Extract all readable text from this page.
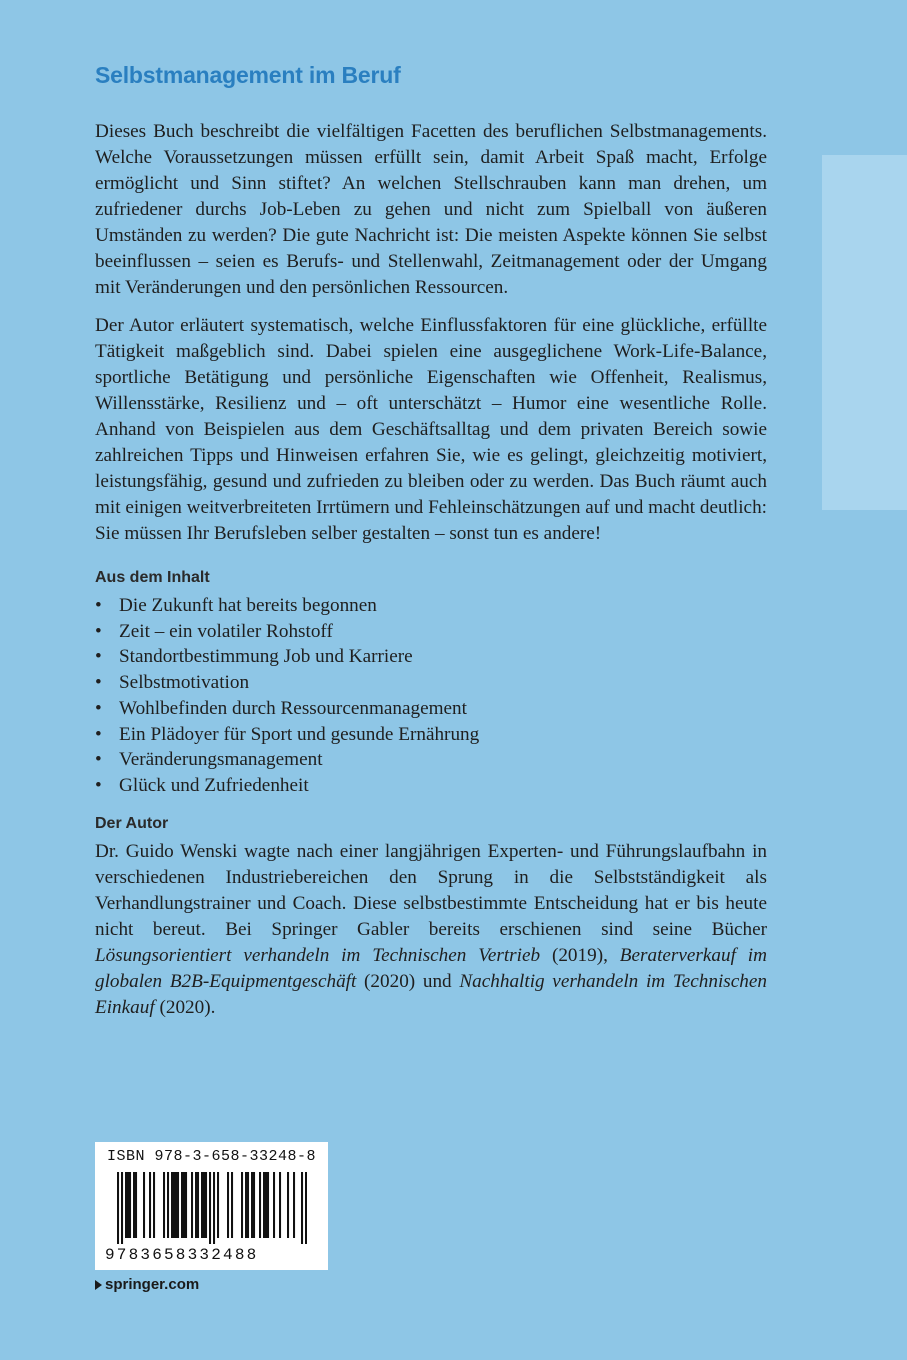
Selbstmanagement im Beruf

Dieses Buch beschreibt die vielfältigen Facetten des beruflichen Selbstmanagements. Welche Voraussetzungen müssen erfüllt sein, damit Arbeit Spaß macht, Erfolge ermöglicht und Sinn stiftet? An welchen Stellschrauben kann man drehen, um zufriedener durchs Job-Leben zu gehen und nicht zum Spielball von äußeren Umständen zu werden? Die gute Nachricht ist: Die meisten Aspekte können Sie selbst beeinflussen – seien es Berufs- und Stellenwahl, Zeitmanagement oder der Umgang mit Veränderungen und den persönlichen Ressourcen.

Der Autor erläutert systematisch, welche Einflussfaktoren für eine glückliche, erfüllte Tätigkeit maßgeblich sind. Dabei spielen eine ausgeglichene Work-Life-Balance, sportliche Betätigung und persönliche Eigenschaften wie Offenheit, Realismus, Willensstärke, Resilienz und – oft unterschätzt – Humor eine wesentliche Rolle. Anhand von Beispielen aus dem Geschäftsalltag und dem privaten Bereich sowie zahlreichen Tipps und Hinweisen erfahren Sie, wie es gelingt, gleichzeitig motiviert, leistungsfähig, gesund und zufrieden zu bleiben oder zu werden. Das Buch räumt auch mit einigen weitverbreiteten Irrtümern und Fehleinschätzungen auf und macht deutlich: Sie müssen Ihr Berufsleben selber gestalten – sonst tun es andere!

Aus dem Inhalt
• Die Zukunft hat bereits begonnen
• Zeit – ein volatiler Rohstoff
• Standortbestimmung Job und Karriere
• Selbstmotivation
• Wohlbefinden durch Ressourcenmanagement
• Ein Plädoyer für Sport und gesunde Ernährung
• Veränderungsmanagement
• Glück und Zufriedenheit
Der Autor

Dr. Guido Wenski wagte nach einer langjährigen Experten- und Führungslaufbahn in verschiedenen Industriebereichen den Sprung in die Selbstständigkeit als Verhandlungstrainer und Coach. Diese selbstbestimmte Entscheidung hat er bis heute nicht bereut. Bei Springer Gabler bereits erschienen sind seine Bücher Lösungsorientiert verhandeln im Technischen Vertrieb (2019), Beraterverkauf im globalen B2B-Equipmentgeschäft (2020) und Nachhaltig verhandeln im Technischen Einkauf (2020).

ISBN 978-3-658-33248-8
9783658332488
springer.com
